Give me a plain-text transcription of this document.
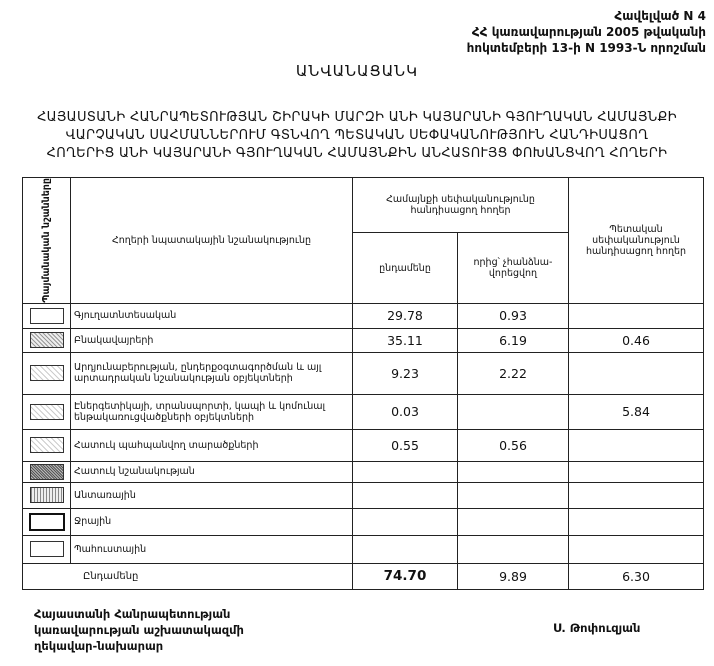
Հավելված N 4
ՀՀ կառավարության 2005 թվականի
հոկտեմբերի 13-ի N 1993-Ն որոշման
ԱՆՎԱՆԱՑԱՆԿ
ՀԱՅԱՍՏԱՆԻ ՀԱՆՐԱՊԵՏՈՒԹՅԱՆ ՇԻՐԱԿԻ ՄԱՐԶԻ ԱՆԻ ԿԱՅԱՐԱՆԻ ԳՅՈՒՂԱԿԱՆ ՀԱՄԱՅՆՔԻ
ՎԱՐՉԱԿԱՆ ՍԱՀՄԱՆՆԵՐՈՒՄ ԳՏՆՎՈՂ ՊԵՏԱԿԱՆ ՍԵՓԱԿԱՆՈՒԹՅՈՒՆ ՀԱՆԴԻՍԱՑՈՂ
ՀՈՂԵՐԻՑ ԱՆԻ ԿԱՅԱՐԱՆԻ ԳՅՈՒՂԱԿԱՆ ՀԱՄԱՅՆՔԻՆ ԱՆՀԱՏՈՒՅՑ ՓՈԽԱՆՑՎՈՂ ՀՈՂԵՐԻ
Պայմանական նշանները	Հողերի նպատակային նշանակությունը	Համայնքի սեփականությունը հանդիսացող հողեր		Պետական սեփականություն հանդիսացող հողեր
		ընդամենը	որից՝ չհանձնա-վորեցվող	

	Գյուղատնտեսական	29.78	0.93	

	Բնակավայրերի	35.11	6.19	0.46

	Արդյունաբերության, ընդերքօգտագործման և այլ արտադրական նշանակության օբյեկտների	9.23	2.22	

	Էներգետիկայի, տրանսպորտի, կապի և կոմունալ ենթակառուցվածքների օբյեկտների	0.03		5.84

	Հատուկ պահպանվող տարածքների	0.55	0.56	

	Հատուկ նշանակության			

	Անտառային			

	Ջրային			

	Պահուստային			
Ընդամենը		74.70	9.89	6.30
Հայաստանի Հանրապետության
կառավարության աշխատակազմի
ղեկավար-նախարար
Ս. Թոփուզյան
